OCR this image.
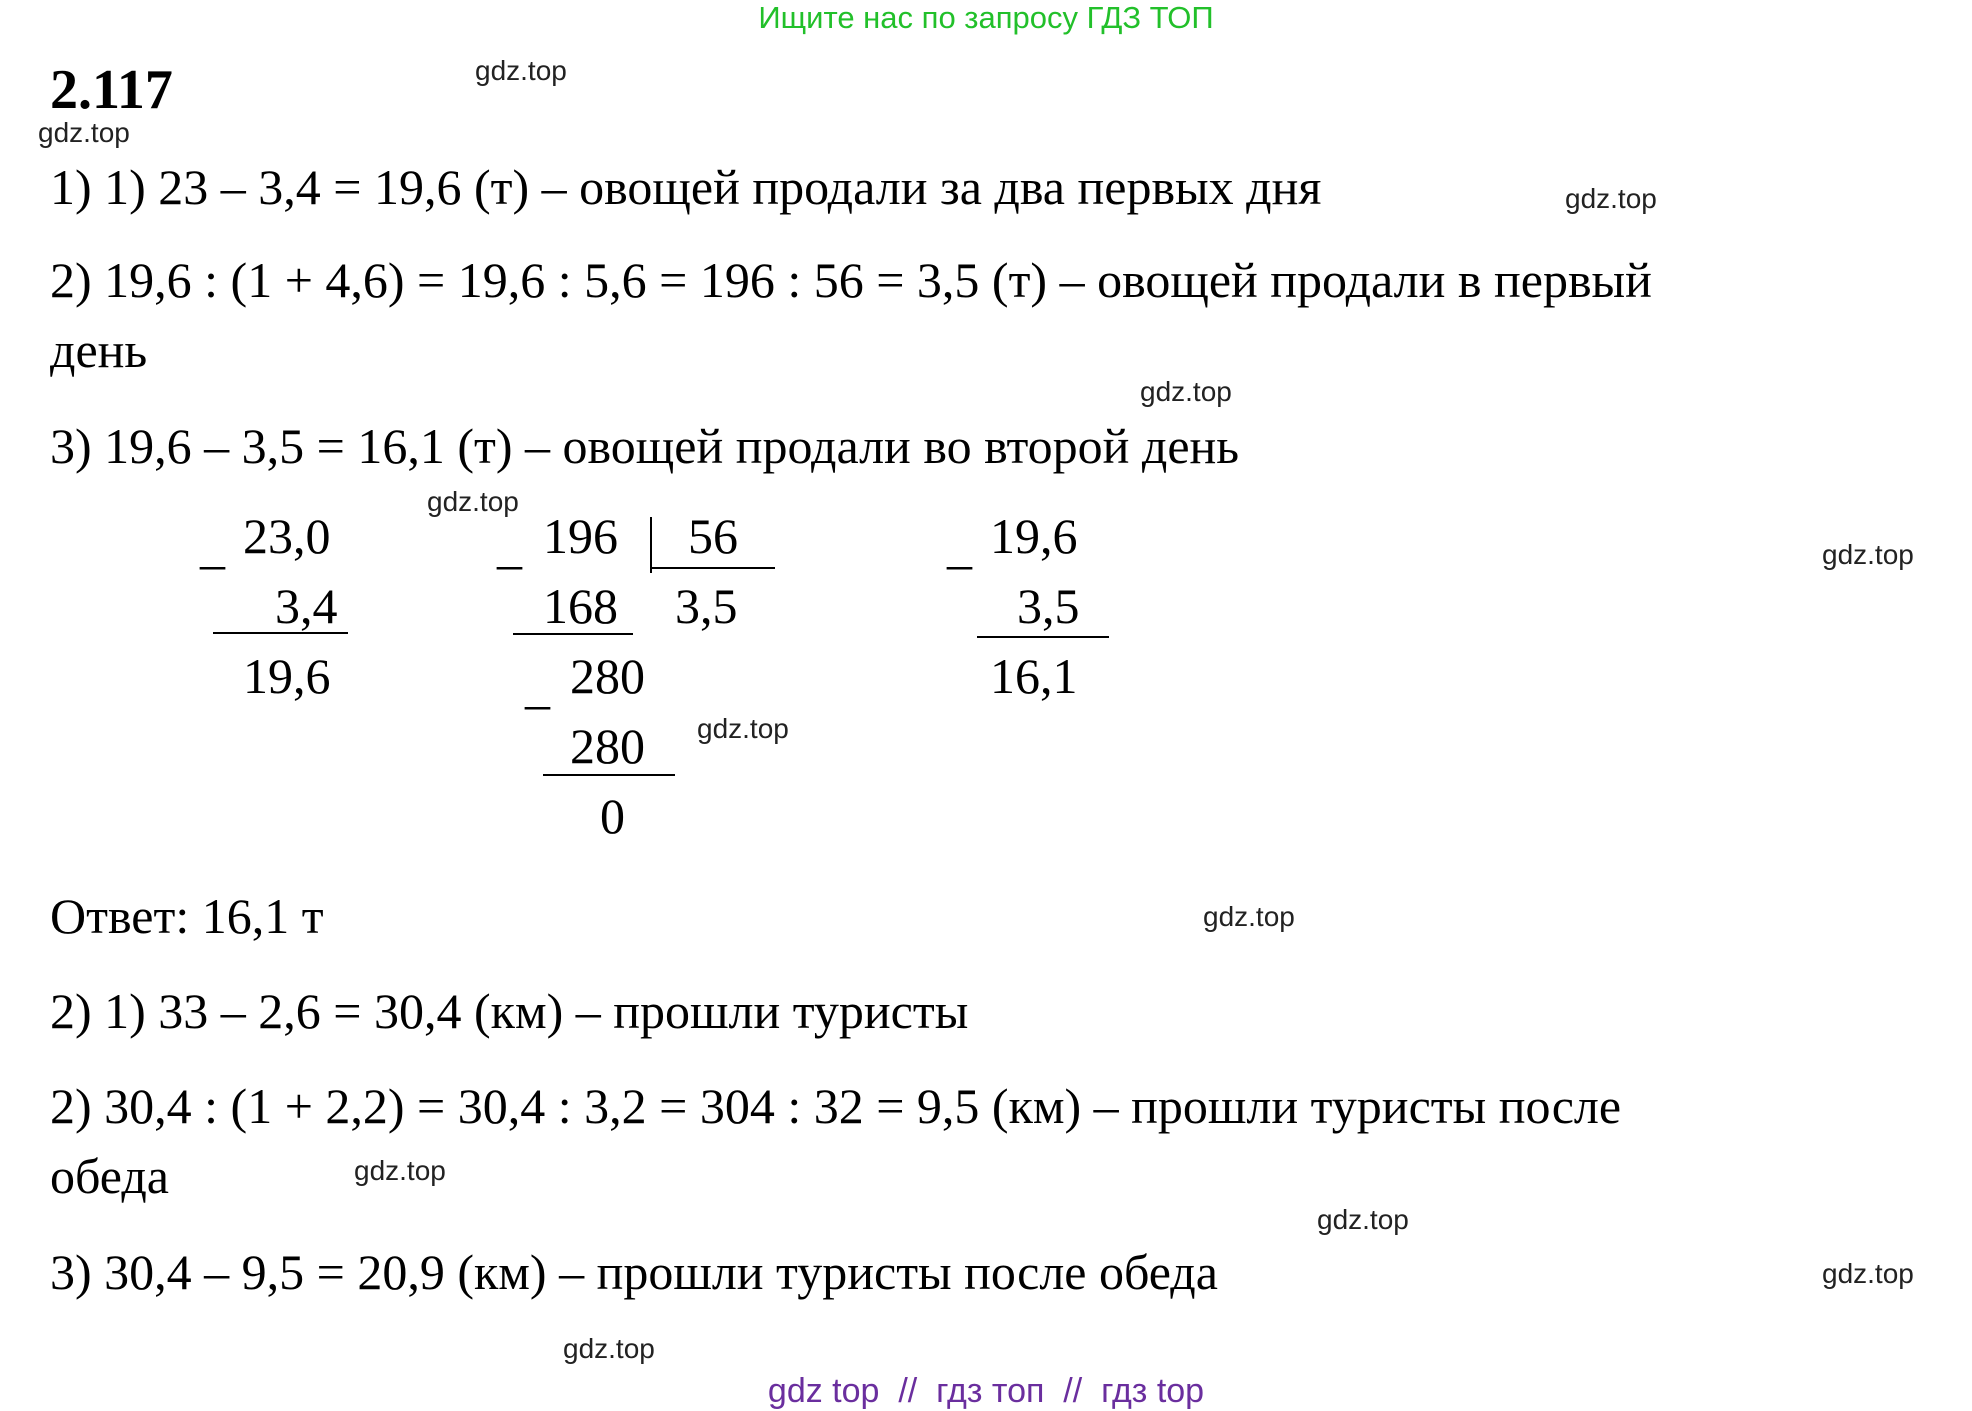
Ищите нас по запросу ГДЗ ТОП
2.117	gdz.top
gdz.top
gdz.top
gdz.top
gdz.top
gdz.top
gdz.top
gdz.top
gdz.top
gdz.top
gdz.top
gdz.top
1) 1) 23 – 3,4 = 19,6 (т) – овощей продали за два первых дня
2) 19,6 : (1 + 4,6) = 19,6 : 5,6 = 196 : 56 = 3,5 (т) – овощей продали в первый
день
3) 19,6 – 3,5 = 16,1 (т) – овощей продали во второй день
_ 23,0
3,4
19,6
_ 196 56
168 3,5
_ 280
280
0
_ 19,6
3,5
16,1
Ответ: 16,1 т
2) 1) 33 – 2,6 = 30,4 (км) – прошли туристы
2) 30,4 : (1 + 2,2) = 30,4 : 3,2 = 304 : 32 = 9,5 (км) – прошли туристы после
обеда
3) 30,4 – 9,5 = 20,9 (км) – прошли туристы после обеда
gdz top  //  гдз топ  //  гдз top
